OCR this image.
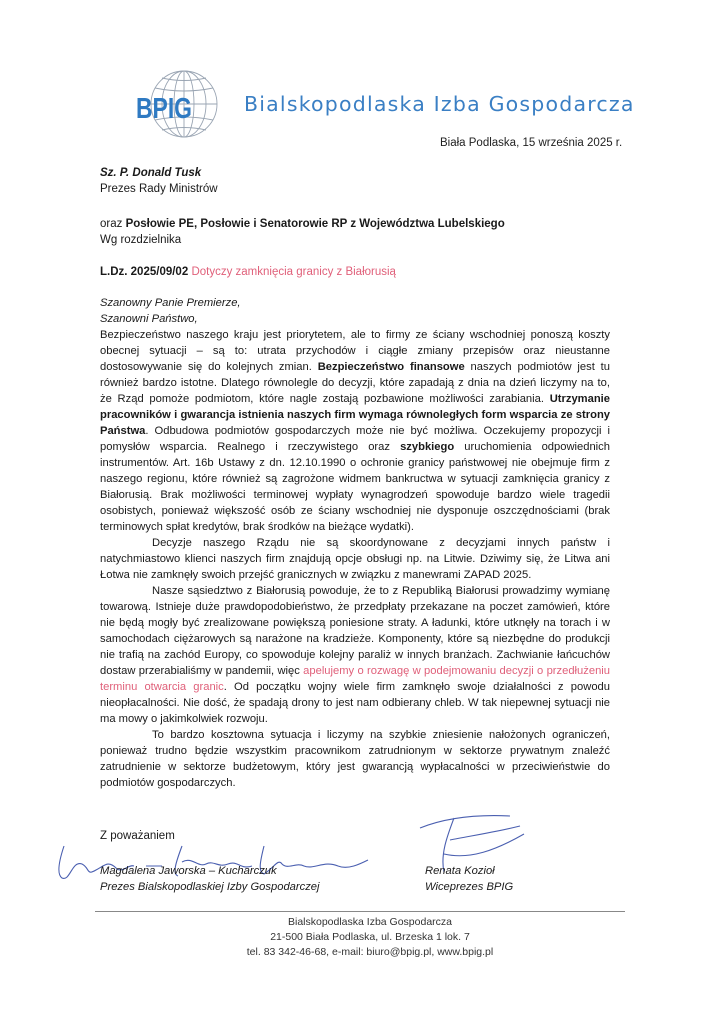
BPIG	Bialskopodlaska Izba Gospodarcza
Biała Podlaska, 15 września 2025 r.
Sz. P. Donald Tusk
Prezes Rady Ministrów
oraz Posłowie PE, Posłowie i Senatorowie RP z Województwa Lubelskiego
Wg rozdzielnika
L.Dz. 2025/09/02 Dotyczy zamknięcia granicy z Białorusią

Szanowny Panie Premierze,

Szanowni Państwo,

Bezpieczeństwo naszego kraju jest priorytetem, ale to firmy ze ściany wschodniej ponoszą koszty obecnej sytuacji – są to: utrata przychodów i ciągłe zmiany przepisów oraz nieustanne dostosowywanie się do kolejnych zmian. Bezpieczeństwo finansowe naszych podmiotów jest tu również bardzo istotne. Dlatego równolegle do decyzji, które zapadają z dnia na dzień liczymy na to, że Rząd pomoże podmiotom, które nagle zostają pozbawione możliwości zarabiania. Utrzymanie pracowników i gwarancja istnienia naszych firm wymaga równoległych form wsparcia ze strony Państwa. Odbudowa podmiotów gospodarczych może nie być możliwa. Oczekujemy propozycji i pomysłów wsparcia. Realnego i rzeczywistego oraz szybkiego uruchomienia odpowiednich instrumentów. Art. 16b Ustawy z dn. 12.10.1990 o ochronie granicy państwowej nie obejmuje firm z naszego regionu, które również są zagrożone widmem bankructwa w sytuacji zamknięcia granicy z Białorusią. Brak możliwości terminowej wypłaty wynagrodzeń spowoduje bardzo wiele tragedii osobistych, ponieważ większość osób ze ściany wschodniej nie dysponuje oszczędnościami (brak terminowych spłat kredytów, brak środków na bieżące wydatki).

Decyzje naszego Rządu nie są skoordynowane z decyzjami innych państw i natychmiastowo klienci naszych firm znajdują opcje obsługi np. na Litwie. Dziwimy się, że Litwa ani Łotwa nie zamknęły swoich przejść granicznych w związku z manewrami ZAPAD 2025.

Nasze sąsiedztwo z Białorusią powoduje, że to z Republiką Białorusi prowadzimy wymianę towarową. Istnieje duże prawdopodobieństwo, że przedpłaty przekazane na poczet zamówień, które nie będą mogły być zrealizowane powiększą poniesione straty. A ładunki, które utknęły na torach i w samochodach ciężarowych są narażone na kradzieże. Komponenty, które są niezbędne do produkcji nie trafią na zachód Europy, co spowoduje kolejny paraliż w innych branżach. Zachwianie łańcuchów dostaw przerabialiśmy w pandemii, więc apelujemy o rozwagę w podejmowaniu decyzji o przedłużeniu terminu otwarcia granic. Od początku wojny wiele firm zamknęło swoje działalności z powodu nieopłacalności. Nie dość, że spadają drony to jest nam odbierany chleb. W tak niepewnej sytuacji nie ma mowy o jakimkolwiek rozwoju.

To bardzo kosztowna sytuacja i liczymy na szybkie zniesienie nałożonych ograniczeń, ponieważ trudno będzie wszystkim pracownikom zatrudnionym w sektorze prywatnym znaleźć zatrudnienie w sektorze budżetowym, który jest gwarancją wypłacalności w przeciwieństwie do podmiotów gospodarczych.

Z poważaniem
Magdalena Jaworska – Kucharczuk
Prezes Bialskopodlaskiej Izby Gospodarczej
Renata Kozioł
Wiceprezes BPIG
Bialskopodlaska Izba Gospodarcza
21-500 Biała Podlaska, ul. Brzeska 1 lok. 7
tel. 83 342-46-68, e-mail: biuro@bpig.pl, www.bpig.pl
